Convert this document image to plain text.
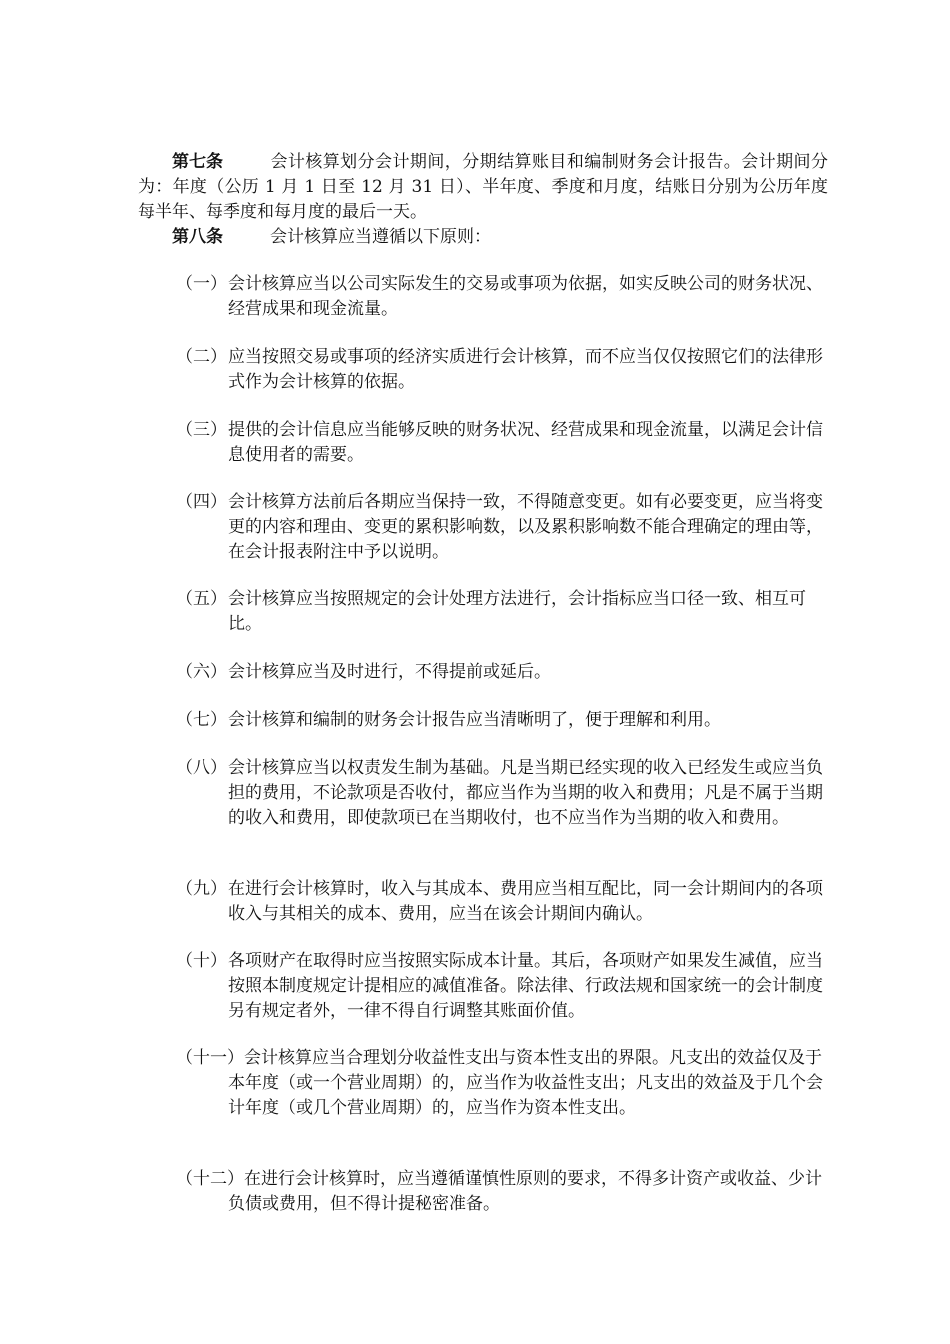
第七条	会计核算划分会计期间，分期结算账目和编制财务会计报告。会计期间分为：年度（公历 1 月 1 日至 12 月 31 日）、半年度、季度和月度，结账日分别为公历年度每半年、每季度和每月度的最后一天。

第八条	会计核算应当遵循以下原则：

（一）会计核算应当以公司实际发生的交易或事项为依据，如实反映公司的财务状况、经营成果和现金流量。

（二）应当按照交易或事项的经济实质进行会计核算，而不应当仅仅按照它们的法律形式作为会计核算的依据。

（三）提供的会计信息应当能够反映的财务状况、经营成果和现金流量，以满足会计信息使用者的需要。

（四）会计核算方法前后各期应当保持一致，不得随意变更。如有必要变更，应当将变更的内容和理由、变更的累积影响数，以及累积影响数不能合理确定的理由等，在会计报表附注中予以说明。

（五）会计核算应当按照规定的会计处理方法进行，会计指标应当口径一致、相互可比。

（六）会计核算应当及时进行，不得提前或延后。

（七）会计核算和编制的财务会计报告应当清晰明了，便于理解和利用。

（八）会计核算应当以权责发生制为基础。凡是当期已经实现的收入已经发生或应当负担的费用，不论款项是否收付，都应当作为当期的收入和费用；凡是不属于当期的收入和费用，即使款项已在当期收付，也不应当作为当期的收入和费用。

（九）在进行会计核算时，收入与其成本、费用应当相互配比，同一会计期间内的各项收入与其相关的成本、费用，应当在该会计期间内确认。

（十）各项财产在取得时应当按照实际成本计量。其后，各项财产如果发生减值，应当按照本制度规定计提相应的减值准备。除法律、行政法规和国家统一的会计制度另有规定者外，一律不得自行调整其账面价值。

（十一）会计核算应当合理划分收益性支出与资本性支出的界限。凡支出的效益仅及于本年度（或一个营业周期）的，应当作为收益性支出；凡支出的效益及于几个会计年度（或几个营业周期）的，应当作为资本性支出。

（十二）在进行会计核算时，应当遵循谨慎性原则的要求，不得多计资产或收益、少计负债或费用，但不得计提秘密准备。
